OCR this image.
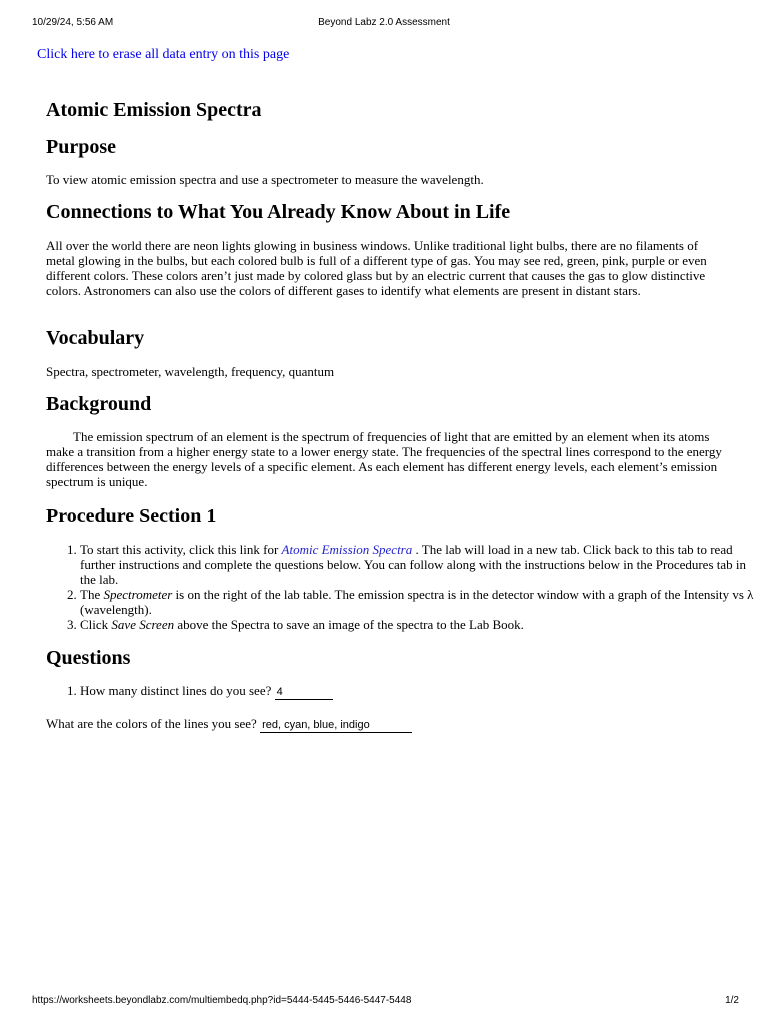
10/29/24, 5:56 AM	Beyond Labz 2.0 Assessment
Click here to erase all data entry on this page
Atomic Emission Spectra
Purpose

To view atomic emission spectra and use a spectrometer to measure the wavelength.

Connections to What You Already Know About in Life

All over the world there are neon lights glowing in business windows. Unlike traditional light bulbs, there are no filaments of metal glowing in the bulbs, but each colored bulb is full of a different type of gas. You may see red, green, pink, purple or even different colors. These colors aren’t just made by colored glass but by an electric current that causes the gas to glow distinctive colors. Astronomers can also use the colors of different gases to identify what elements are present in distant stars.

Vocabulary

Spectra, spectrometer, wavelength, frequency, quantum

Background

The emission spectrum of an element is the spectrum of frequencies of light that are emitted by an element when its atoms make a transition from a higher energy state to a lower energy state. The frequencies of the spectral lines correspond to the energy differences between the energy levels of a specific element. As each element has different energy levels, each element’s emission spectrum is unique.

Procedure Section 1
1. To start this activity, click this link for Atomic Emission Spectra . The lab will load in a new tab. Click back to this tab to read further instructions and complete the questions below. You can follow along with the instructions below in the Procedures tab in the lab.
2. The Spectrometer is on the right of the lab table. The emission spectra is in the detector window with a graph of the Intensity vs λ (wavelength).
3. Click Save Screen above the Spectra to save an image of the spectra to the Lab Book.
Questions
1. How many distinct lines do you see? 4

What are the colors of the lines you see? red, cyan, blue, indigo

https://worksheets.beyondlabz.com/multiembedq.php?id=5444-5445-5446-5447-5448	1/2
